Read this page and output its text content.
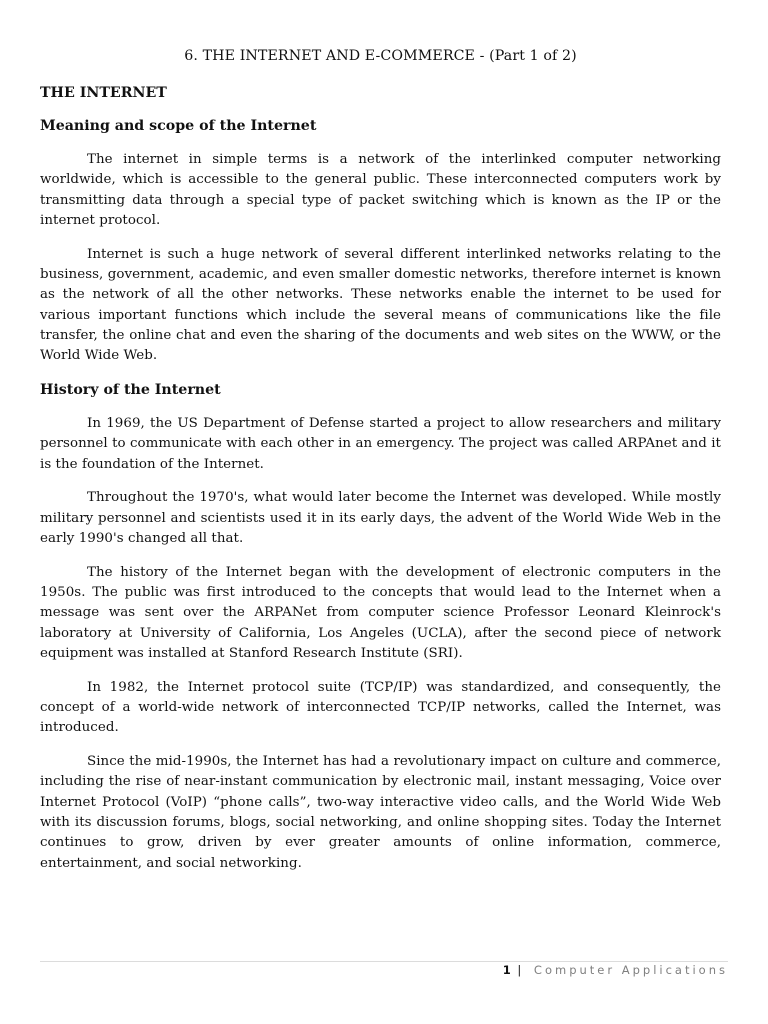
6. THE INTERNET AND E-COMMERCE - (Part 1 of 2)
THE INTERNET
Meaning and scope of the Internet

The internet in simple terms is a network of the interlinked computer networking worldwide, which is accessible to the general public. These interconnected computers work by transmitting data through a special type of packet switching which is known as the IP or the internet protocol.

Internet is such a huge network of several different interlinked networks relating to the business, government, academic, and even smaller domestic networks, therefore internet is known as the network of all the other networks. These networks enable the internet to be used for various important functions which include the several means of communications like the file transfer, the online chat and even the sharing of the documents and web sites on the WWW, or the World Wide Web.

History of the Internet

In 1969, the US Department of Defense started a project to allow researchers and military personnel to communicate with each other in an emergency. The project was called ARPAnet and it is the foundation of the Internet.

Throughout the 1970's, what would later become the Internet was developed. While mostly military personnel and scientists used it in its early days, the advent of the World Wide Web in the early 1990's changed all that.

The history of the Internet began with the development of electronic computers in the 1950s. The public was first introduced to the concepts that would lead to the Internet when a message was sent over the ARPANet from computer science Professor Leonard Kleinrock's laboratory at University of California, Los Angeles (UCLA), after the second piece of network equipment was installed at Stanford Research Institute (SRI).

In 1982, the Internet protocol suite (TCP/IP) was standardized, and consequently, the concept of a world-wide network of interconnected TCP/IP networks, called the Internet, was introduced.

Since the mid-1990s, the Internet has had a revolutionary impact on culture and commerce, including the rise of near-instant communication by electronic mail, instant messaging, Voice over Internet Protocol (VoIP) “phone calls”, two-way interactive video calls, and the World Wide Web with its discussion forums, blogs, social networking, and online shopping sites. Today the Internet continues to grow, driven by ever greater amounts of online information, commerce, entertainment, and social networking.

1 | Computer Applications
